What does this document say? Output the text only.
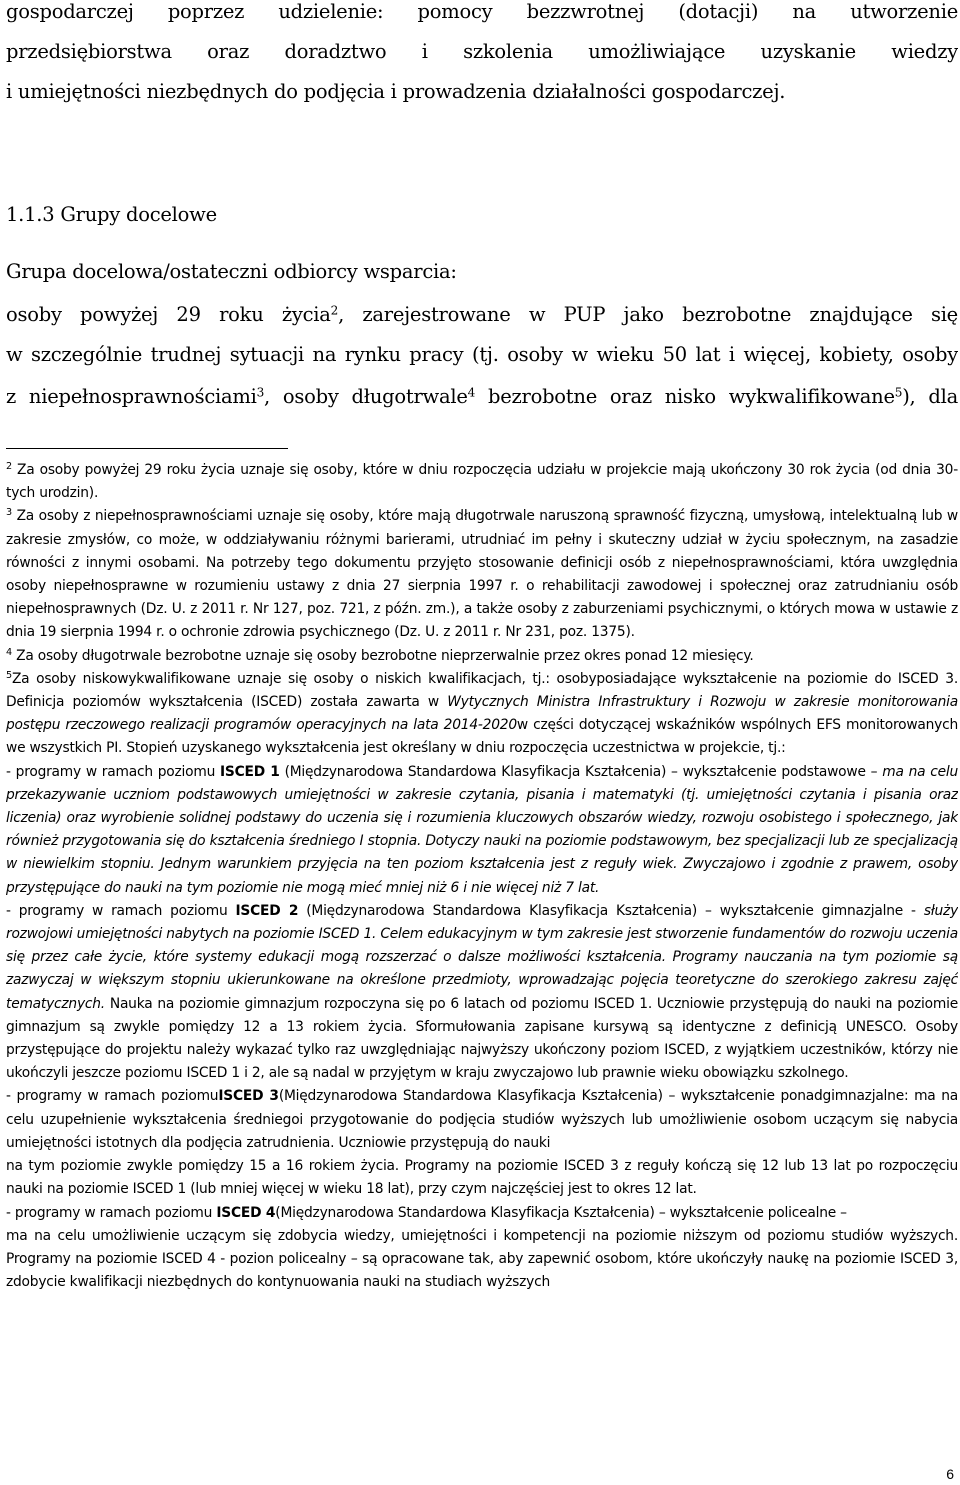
gospodarczej poprzez udzielenie: pomocy bezzwrotnej (dotacji) na utworzenie
przedsiębiorstwa oraz doradztwo i szkolenia umożliwiające uzyskanie wiedzy
i umiejętności niezbędnych do podjęcia i prowadzenia działalności gospodarczej.
1.1.3 Grupy docelowe
Grupa docelowa/ostateczni odbiorcy wsparcia:
osoby powyżej 29 roku życia$^2$, zarejestrowane w PUP jako bezrobotne znajdujące się
w szczególnie trudnej sytuacji na rynku pracy (tj. osoby w wieku 50 lat i więcej, kobiety, osoby
z niepełnosprawnościami$^3$, osoby długotrwale$^4$ bezrobotne oraz nisko wykwalifikowane$^5$), dla

$^2$ Za osoby powyżej 29 roku życia uznaje się osoby, które w dniu rozpoczęcia udziału w projekcie mają ukończony 30 rok życia (od dnia 30-tych urodzin).

$^3$ Za osoby z niepełnosprawnościami uznaje się osoby, które mają długotrwale naruszoną sprawność fizyczną, umysłową, intelektualną lub w zakresie zmysłów, co może, w oddziaływaniu różnymi barierami, utrudniać im pełny i skuteczny udział w życiu społecznym, na zasadzie równości z innymi osobami. Na potrzeby tego dokumentu przyjęto stosowanie definicji osób z niepełnosprawnościami, która uwzględnia osoby niepełnosprawne w rozumieniu ustawy z dnia 27 sierpnia 1997 r. o rehabilitacji zawodowej i społecznej oraz zatrudnianiu osób niepełnosprawnych (Dz. U. z 2011 r. Nr 127, poz. 721, z późn. zm.), a także osoby z zaburzeniami psychicznymi, o których mowa w ustawie z dnia 19 sierpnia 1994 r. o ochronie zdrowia psychicznego (Dz. U. z 2011 r. Nr 231, poz. 1375).

$^4$ Za osoby długotrwale bezrobotne uznaje się osoby bezrobotne nieprzerwalnie przez okres ponad 12 miesięcy.

$^5$Za osoby niskowykwalifikowane uznaje się osoby o niskich kwalifikacjach, tj.: osobyposiadające wykształcenie na poziomie do ISCED 3. Definicja poziomów wykształcenia (ISCED) została zawarta w Wytycznych Ministra Infrastruktury i Rozwoju w zakresie monitorowania postępu rzeczowego realizacji programów operacyjnych na lata 2014-2020w części dotyczącej wskaźników wspólnych EFS monitorowanych we wszystkich PI. Stopień uzyskanego wykształcenia jest określany w dniu rozpoczęcia uczestnictwa w projekcie, tj.:

- programy w ramach poziomu ISCED 1 (Międzynarodowa Standardowa Klasyfikacja Kształcenia) – wykształcenie podstawowe – ma na celu przekazywanie uczniom podstawowych umiejętności w zakresie czytania, pisania i matematyki (tj. umiejętności czytania i pisania oraz liczenia) oraz wyrobienie solidnej podstawy do uczenia się i rozumienia kluczowych obszarów wiedzy, rozwoju osobistego i społecznego, jak również przygotowania się do kształcenia średniego I stopnia. Dotyczy nauki na poziomie podstawowym, bez specjalizacji lub ze specjalizacją w niewielkim stopniu. Jednym warunkiem przyjęcia na ten poziom kształcenia jest z reguły wiek. Zwyczajowo i zgodnie z prawem, osoby przystępujące do nauki na tym poziomie nie mogą mieć mniej niż 6 i nie więcej niż 7 lat.

- programy w ramach poziomu ISCED 2 (Międzynarodowa Standardowa Klasyfikacja Kształcenia) – wykształcenie gimnazjalne - służy rozwojowi umiejętności nabytych na poziomie ISCED 1. Celem edukacyjnym w tym zakresie jest stworzenie fundamentów do rozwoju uczenia się przez całe życie, które systemy edukacji mogą rozszerzać o dalsze możliwości kształcenia. Programy nauczania na tym poziomie są zazwyczaj w większym stopniu ukierunkowane na określone przedmioty, wprowadzając pojęcia teoretyczne do szerokiego zakresu zajęć tematycznych. Nauka na poziomie gimnazjum rozpoczyna się po 6 latach od poziomu ISCED 1. Uczniowie przystępują do nauki na poziomie gimnazjum są zwykle pomiędzy 12 a 13 rokiem życia. Sformułowania zapisane kursywą są identyczne z definicją UNESCO. Osoby przystępujące do projektu należy wykazać tylko raz uwzględniając najwyższy ukończony poziom ISCED, z wyjątkiem uczestników, którzy nie ukończyli jeszcze poziomu ISCED 1 i 2, ale są nadal w przyjętym w kraju zwyczajowo lub prawnie wieku obowiązku szkolnego.

- programy w ramach poziomuISCED 3(Międzynarodowa Standardowa Klasyfikacja Kształcenia) – wykształcenie ponadgimnazjalne: ma na celu uzupełnienie wykształcenia średniegoi przygotowanie do podjęcia studiów wyższych lub umożliwienie osobom uczącym się nabycia umiejętności istotnych dla podjęcia zatrudnienia. Uczniowie przystępują do nauki

na tym poziomie zwykle pomiędzy 15 a 16 rokiem życia. Programy na poziomie ISCED 3 z reguły kończą się 12 lub 13 lat po rozpoczęciu nauki na poziomie ISCED 1 (lub mniej więcej w wieku 18 lat), przy czym najczęściej jest to okres 12 lat.

- programy w ramach poziomu ISCED 4(Międzynarodowa Standardowa Klasyfikacja Kształcenia) – wykształcenie policealne –

ma na celu umożliwienie uczącym się zdobycia wiedzy, umiejętności i kompetencji na poziomie niższym od poziomu studiów wyższych. Programy na poziomie ISCED 4 - pozion policealny – są opracowane tak, aby zapewnić osobom, które ukończyły naukę na poziomie ISCED 3, zdobycie kwalifikacji niezbędnych do kontynuowania nauki na studiach wyższych

6
